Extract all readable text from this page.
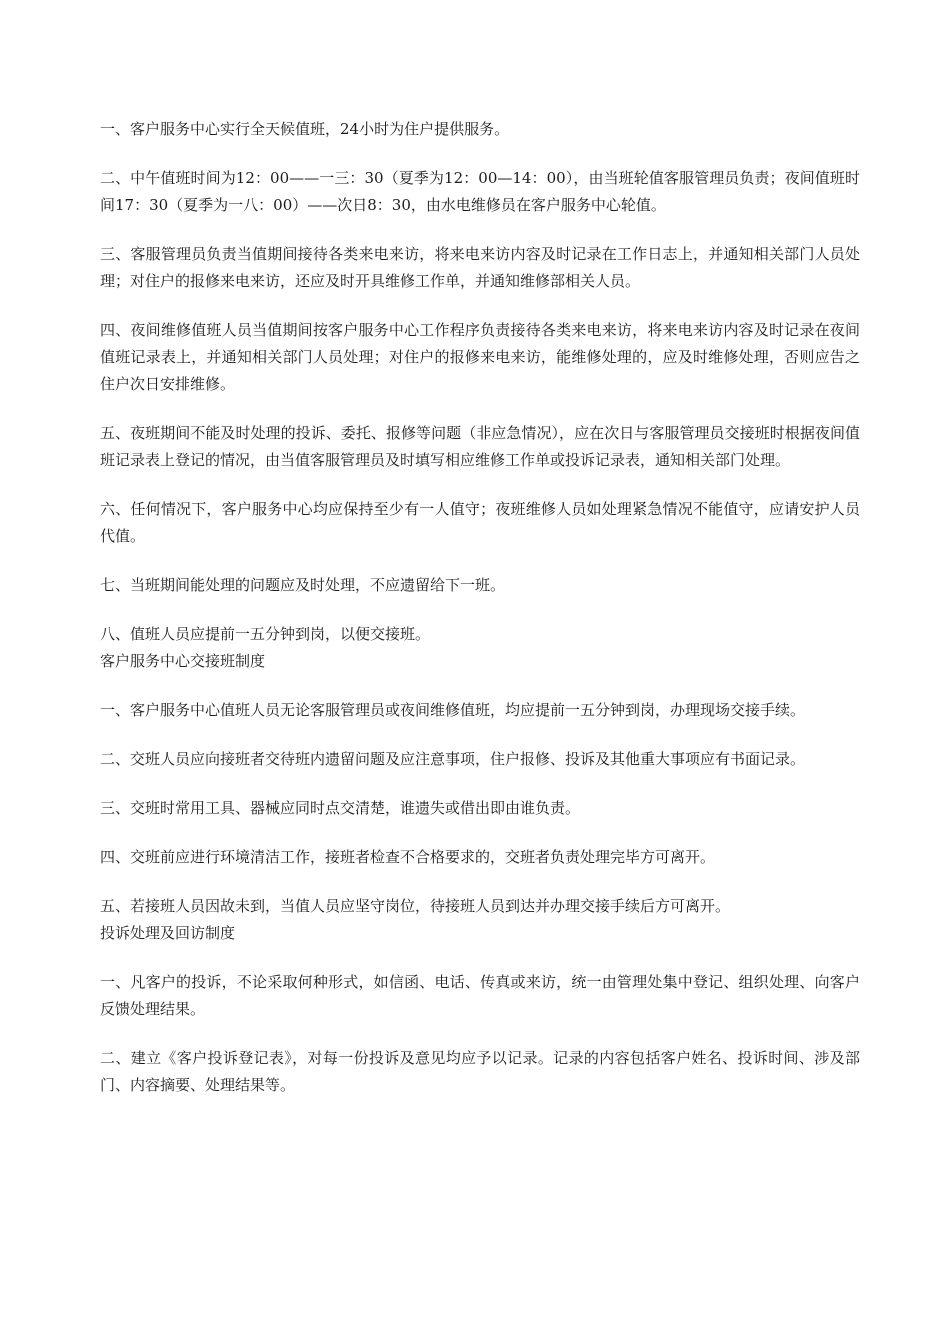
一、客户服务中心实行全天候值班，24小时为住户提供服务。

二、中午值班时间为12：00——一三：30（夏季为12：00—14：00），由当班轮值客服管理员负责；夜间值班时间17：30（夏季为一八：00）——次日8：30，由水电维修员在客户服务中心轮值。

三、客服管理员负责当值期间接待各类来电来访，将来电来访内容及时记录在工作日志上，并通知相关部门人员处理；对住户的报修来电来访，还应及时开具维修工作单，并通知维修部相关人员。

四、夜间维修值班人员当值期间按客户服务中心工作程序负责接待各类来电来访，将来电来访内容及时记录在夜间值班记录表上，并通知相关部门人员处理；对住户的报修来电来访，能维修处理的，应及时维修处理，否则应告之住户次日安排维修。

五、夜班期间不能及时处理的投诉、委托、报修等问题（非应急情况），应在次日与客服管理员交接班时根据夜间值班记录表上登记的情况，由当值客服管理员及时填写相应维修工作单或投诉记录表，通知相关部门处理。

六、任何情况下，客户服务中心均应保持至少有一人值守；夜班维修人员如处理紧急情况不能值守，应请安护人员代值。

七、当班期间能处理的问题应及时处理，不应遗留给下一班。

八、值班人员应提前一五分钟到岗，以便交接班。

客户服务中心交接班制度

一、客户服务中心值班人员无论客服管理员或夜间维修值班，均应提前一五分钟到岗，办理现场交接手续。

二、交班人员应向接班者交待班内遗留问题及应注意事项，住户报修、投诉及其他重大事项应有书面记录。

三、交班时常用工具、器械应同时点交清楚，谁遗失或借出即由谁负责。

四、交班前应进行环境清洁工作，接班者检查不合格要求的，交班者负责处理完毕方可离开。

五、若接班人员因故未到，当值人员应坚守岗位，待接班人员到达并办理交接手续后方可离开。

投诉处理及回访制度

一、凡客户的投诉，不论采取何种形式，如信函、电话、传真或来访，统一由管理处集中登记、组织处理、向客户反馈处理结果。

二、建立《客户投诉登记表》，对每一份投诉及意见均应予以记录。记录的内容包括客户姓名、投诉时间、涉及部门、内容摘要、处理结果等。
